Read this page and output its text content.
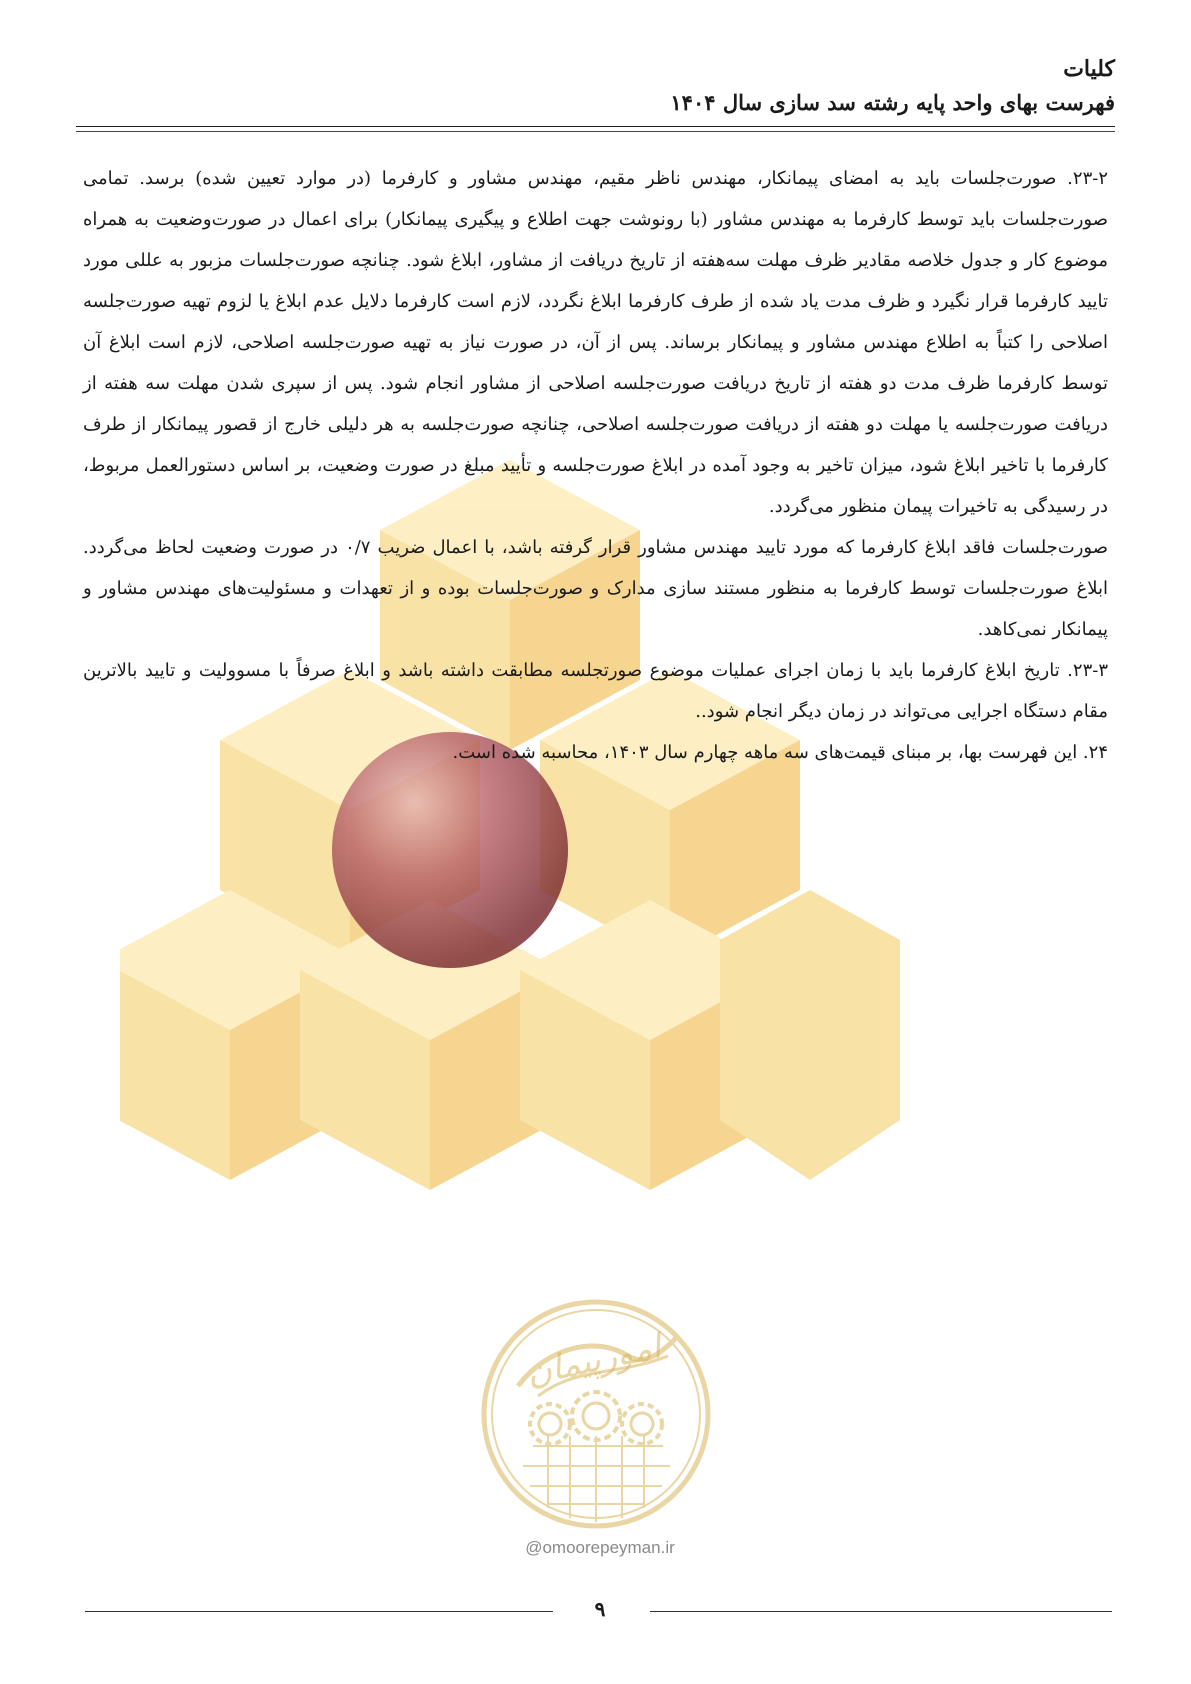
کلیات
فهرست بهای واحد پایه رشته سد سازی سال ۱۴۰۴

۲۳-۲. صورت‌جلسات باید به امضای پیمانکار، مهندس ناظر مقیم، مهندس مشاور و کارفرما (در موارد تعیین شده) برسد. تمامی صورت‌جلسات باید توسط کارفرما به مهندس مشاور (با رونوشت جهت اطلاع و پیگیری پیمانکار) برای اعمال در صورت‌وضعیت به همراه موضوع کار و جدول خلاصه مقادیر ظرف مهلت سه‌هفته از تاریخ دریافت از مشاور، ابلاغ شود. چنانچه صورت‌جلسات مزبور به عللی مورد تایید کارفرما قرار نگیرد و ظرف مدت یاد شده از طرف کارفرما ابلاغ نگردد، لازم است کارفرما دلایل عدم ابلاغ یا لزوم تهیه صورت‌جلسه اصلاحی را کتباً به اطلاع مهندس مشاور و پیمانکار برساند. پس از آن، در صورت نیاز به تهیه صورت‌جلسه اصلاحی، لازم است ابلاغ آن توسط کارفرما ظرف مدت دو هفته از تاریخ دریافت صورت‌جلسه اصلاحی از مشاور انجام شود. پس از سپری شدن مهلت سه هفته از دریافت صورت‌جلسه یا مهلت دو هفته از دریافت صورت‌جلسه اصلاحی، چنانچه صورت‌جلسه به هر دلیلی خارج از قصور پیمانکار از طرف کارفرما با تاخیر ابلاغ شود، میزان تاخیر به وجود آمده در ابلاغ صورت‌جلسه و تأیید مبلغ در صورت وضعیت، بر اساس دستورالعمل مربوط، در رسیدگی به تاخیرات پیمان منظور می‌گردد.

صورت‌جلسات فاقد ابلاغ کارفرما که مورد تایید مهندس مشاور قرار گرفته باشد، با اعمال ضریب ۰/۷ در صورت وضعیت لحاظ می‌گردد. ابلاغ صورت‌جلسات توسط کارفرما به منظور مستند سازی مدارک و صورت‌جلسات بوده و از تعهدات و مسئولیت‌های مهندس مشاور و پیمانکار نمی‌کاهد.

۲۳-۳. تاریخ ابلاغ کارفرما باید با زمان اجرای عملیات موضوع صورتجلسه مطابقت داشته باشد و ابلاغ صرفاً با مسوولیت و تایید بالاترین مقام دستگاه اجرایی می‌تواند در زمان دیگر انجام شود..

۲۴. این فهرست بها، بر مبنای قیمت‌های سه ماهه چهارم سال ۱۴۰۳، محاسبه شده است.

امورپیمان
@omoorepeyman.ir
۹
